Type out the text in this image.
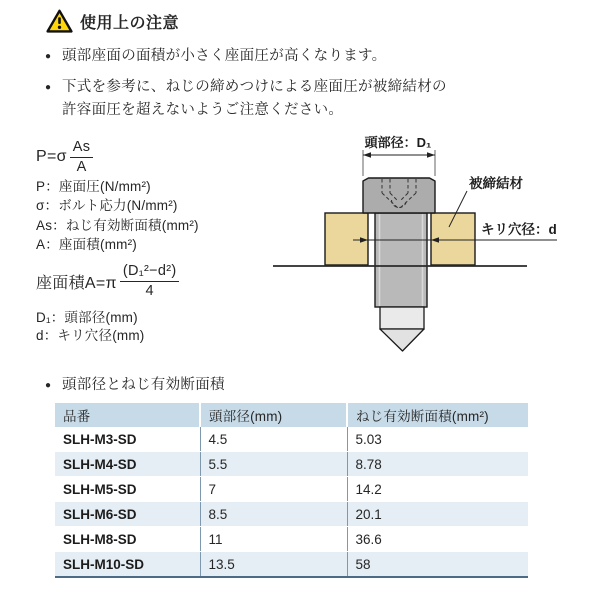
使用上の注意
● 頭部座面の面積が小さく座面圧が高くなります。
● 下式を参考に、ねじの締めつけによる座面圧が被締結材の
許容面圧を超えないようご注意ください。
$P=\sigma \frac{As}{A}$
P：座面圧(N/mm²)
σ：ボルト応力(N/mm²)
As：ねじ有効断面積(mm²)
A：座面積(mm²)
座面積$A=\pi \frac{\text{(D₁²−d²)}}{4}$
D₁：頭部径(mm)
d：キリ穴径(mm)
頭部径：D₁
キリ穴径：d
被締結材
● 頭部径とねじ有効断面積
品番	頭部径(mm)	ねじ有効断面積(mm²)
SLH-M3-SD	4.5	5.03
SLH-M4-SD	5.5	8.78
SLH-M5-SD	7	14.2
SLH-M6-SD	8.5	20.1
SLH-M8-SD	11	36.6
SLH-M10-SD	13.5	58
